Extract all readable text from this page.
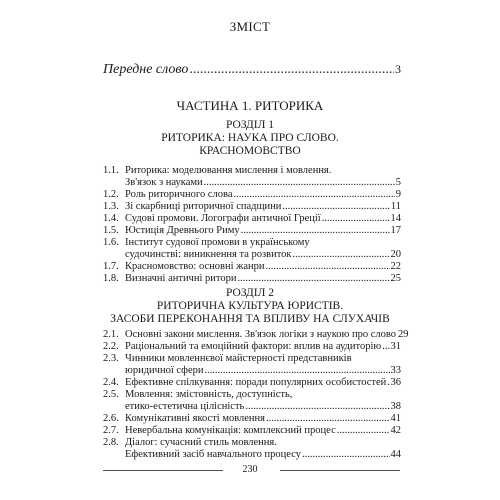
ЗМІСТ
Передне слово .....	3
ЧАСТИНА 1. РИТОРИКА
РОЗДІЛ 1
РИТОРИКА: НАУКА ПРО СЛОВО.
КРАСНОМОВСТВО
1.1. Риторика: моделювання мислення і мовлення.
Зв'язок з науками .....	5
1.2. Роль риторичного слова .....	9
1.3. Зі скарбниці риторичної спадщини .....	11
1.4. Судові промови. Логографи античної Греції .....	14
1.5. Юстиція Древнього Риму .....	17
1.6. Інститут судової промови в українському
судочинстві: виникнення та розвиток .....	20
1.7. Красномовство: основні жанри .....	22
1.8. Визначні античні ритори .....	25
РОЗДІЛ 2
РИТОРИЧНА КУЛЬТУРА ЮРИСТІВ.
ЗАСОБИ ПЕРЕКОНАННЯ ТА ВПЛИВУ НА СЛУХАЧІВ
2.1. Основні закони мислення. Зв'язок логіки з наукою про слово 29
2.2. Раціональний та емоційний фактори: вплив на аудиторію ..... 31
2.3. Чинники мовленнєвої майстерності представників
юридичної сфери .....	33
2.4. Ефективне спілкування: поради популярних особистостей ..... 36
2.5. Мовлення: змістовність, доступність,
етико-естетична цілісність .....	38
2.6. Комунікативні якості мовлення .....	41
2.7. Невербальна комунікація: комплексний процес .....	42
2.8. Діалог: сучасний стиль мовлення.
Ефективний засіб навчального процесу .....	44
230
